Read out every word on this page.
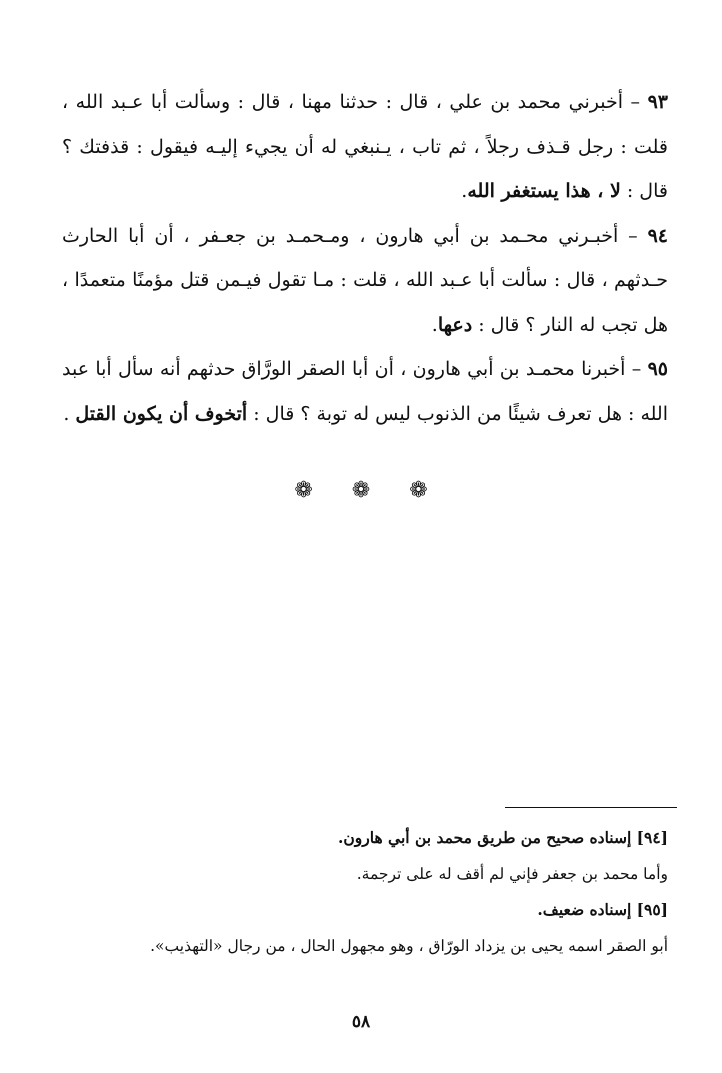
٩٣ – أخبرني محمد بن علي ، قال : حدثنا مهنا ، قال : وسألت أبا عـبد الله ، قلت : رجل قـذف رجلاً ، ثم تاب ، يـنبغي له أن يجيء إليـه فيقول : قذفتك ؟ قال : لا ، هذا يستغفر الله.

٩٤ – أخبـرني محـمد بن أبي هارون ، ومـحمـد بن جعـفر ، أن أبا الحارث حـدثهم ، قال : سألت أبا عـبد الله ، قلت : مـا تقول فيـمن قتل مؤمنًا متعمدًا ، هل تجب له النار ؟ قال : دعها.

٩٥ – أخبرنا محمـد بن أبي هارون ، أن أبا الصقر الورَّاق حدثهم أنه سأل أبا عبد الله : هل تعرف شيئًا من الذنوب ليس له توبة ؟ قال : أتخوف أن يكون القتل .

❁ ❁ ❁

[٩٤] إسناده صحيح من طريق محمد بن أبي هارون.

وأما محمد بن جعفر فإني لم أقف له على ترجمة.

[٩٥] إسناده ضعيف.

أبو الصقر اسمه يحيى بن يزداد الورّاق ، وهو مجهول الحال ، من رجال «التهذيب».

٥٨
